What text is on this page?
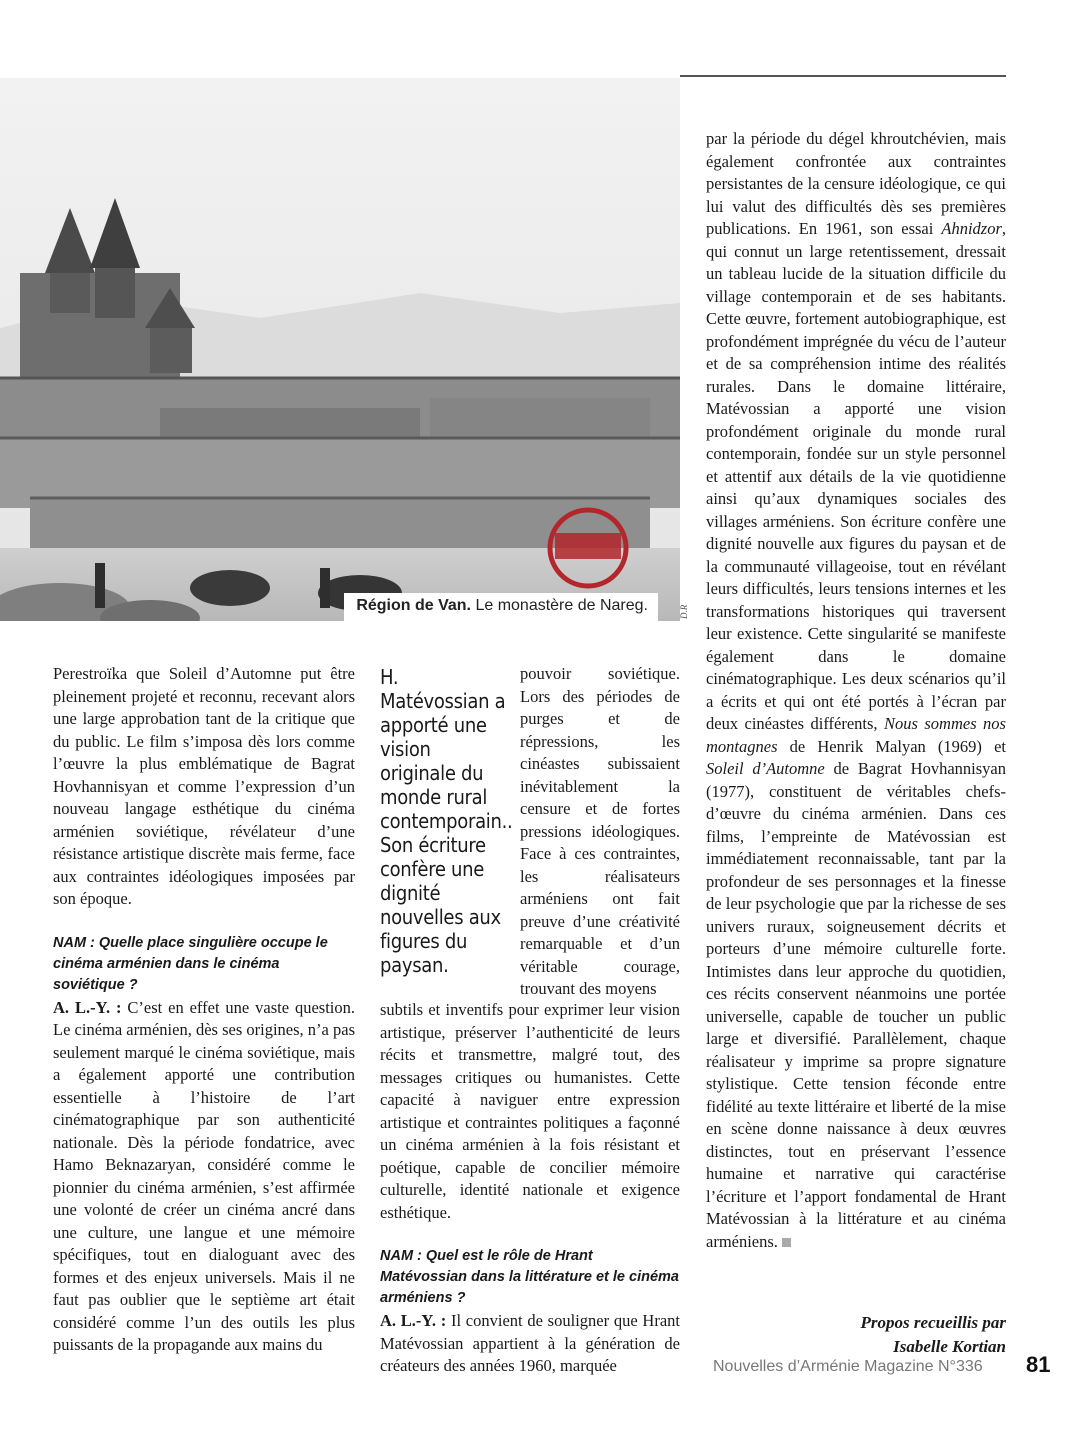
Région de Van. Le monastère de Nareg.	D.R

Perestroïka que Soleil d’Automne put être pleinement projeté et reconnu, recevant alors une large approbation tant de la critique que du public. Le film s’imposa dès lors comme l’œuvre la plus emblématique de Bagrat Hovhannisyan et comme l’expression d’un nouveau langage esthétique du cinéma arménien soviétique, révélateur d’une résistance artistique discrète mais ferme, face aux contraintes idéologiques imposées par son époque.

NAM : Quelle place singulière occupe le cinéma arménien dans le cinéma soviétique ?

A. L.-Y. : C’est en effet une vaste question. Le cinéma arménien, dès ses origines, n’a pas seulement marqué le cinéma soviétique, mais a également apporté une contribution essentielle à l’histoire de l’art cinématographique par son authenticité nationale. Dès la période fondatrice, avec Hamo Beknazaryan, considéré comme le pionnier du cinéma arménien, s’est affirmée une volonté de créer un cinéma ancré dans une culture, une langue et une mémoire spécifiques, tout en dialoguant avec des formes et des enjeux universels. Mais il ne faut pas oublier que le septième art était considéré comme l’un des outils les plus puissants de la propagande aux mains du

H. Matévossian a apporté une vision originale du monde rural contemporain.. Son écriture confère une dignité nouvelles aux figures du paysan.

pouvoir soviétique. Lors des périodes de purges et de répressions, les cinéastes subissaient inévitablement la censure et de fortes pressions idéologiques. Face à ces contraintes, les réalisateurs arméniens ont fait preuve d’une créativité remarquable et d’un véritable courage, trouvant des moyens

subtils et inventifs pour exprimer leur vision artistique, préserver l’authenticité de leurs récits et transmettre, malgré tout, des messages critiques ou humanistes. Cette capacité à naviguer entre expression artistique et contraintes politiques a façonné un cinéma arménien à la fois résistant et poétique, capable de concilier mémoire culturelle, identité nationale et exigence esthétique.

NAM : Quel est le rôle de Hrant Matévossian dans la littérature et le cinéma arméniens ?

A. L.-Y. : Il convient de souligner que Hrant Matévossian appartient à la génération de créateurs des années 1960, marquée

par la période du dégel khroutchévien, mais également confrontée aux contraintes persistantes de la censure idéologique, ce qui lui valut des difficultés dès ses premières publications. En 1961, son essai Ahnidzor, qui connut un large retentissement, dressait un tableau lucide de la situation difficile du village contemporain et de ses habitants. Cette œuvre, fortement autobiographique, est profondément imprégnée du vécu de l’auteur et de sa compréhension intime des réalités rurales. Dans le domaine littéraire, Matévossian a apporté une vision profondément originale du monde rural contemporain, fondée sur un style personnel et attentif aux détails de la vie quotidienne ainsi qu’aux dynamiques sociales des villages arméniens. Son écriture confère une dignité nouvelle aux figures du paysan et de la communauté villageoise, tout en révélant leurs difficultés, leurs tensions internes et les transformations historiques qui traversent leur existence. Cette singularité se manifeste également dans le domaine cinématographique. Les deux scénarios qu’il a écrits et qui ont été portés à l’écran par deux cinéastes différents, Nous sommes nos montagnes de Henrik Malyan (1969) et Soleil d’Automne de Bagrat Hovhannisyan (1977), constituent de véritables chefs-d’œuvre du cinéma arménien. Dans ces films, l’empreinte de Matévossian est immédiatement reconnaissable, tant par la profondeur de ses personnages et la finesse de leur psychologie que par la richesse de ses univers ruraux, soigneusement décrits et porteurs d’une mémoire culturelle forte. Intimistes dans leur approche du quotidien, ces récits conservent néanmoins une portée universelle, capable de toucher un public large et diversifié. Parallèlement, chaque réalisateur y imprime sa propre signature stylistique. Cette tension féconde entre fidélité au texte littéraire et liberté de la mise en scène donne naissance à deux œuvres distinctes, tout en préservant l’essence humaine et narrative qui caractérise l’écriture et l’apport fondamental de Hrant Matévossian à la littérature et au cinéma arméniens.

Propos recueillis par
Isabelle Kortian
Nouvelles d’Arménie Magazine N°336 81
